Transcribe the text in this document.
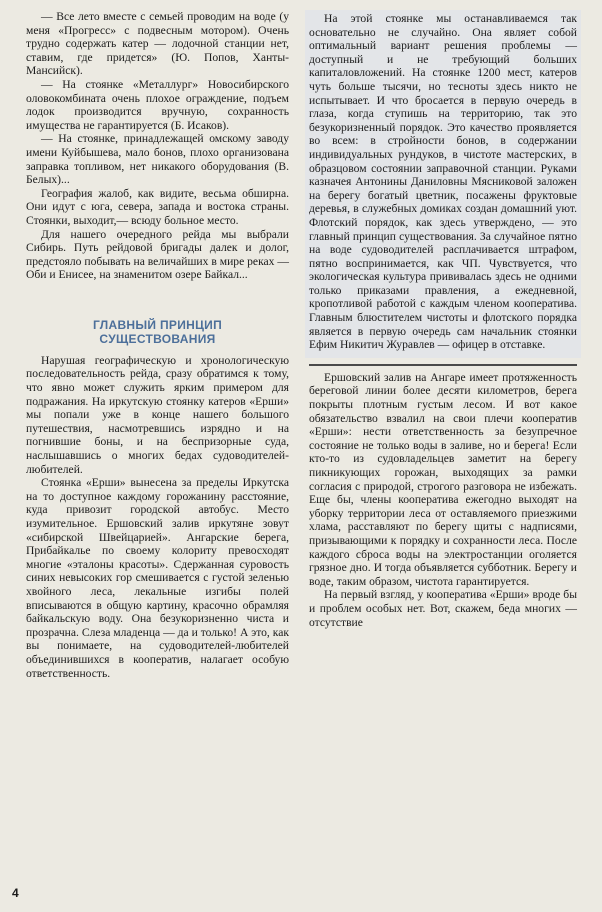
— Все лето вместе с семьей проводим на воде (у меня «Прогресс» с подвесным мотором). Очень трудно содержать катер — лодочной станции нет, ставим, где придется» (Ю. Попов, Ханты-Мансийск).

— На стоянке «Металлург» Новосибирского оловокомбината очень плохое ограждение, подъем лодок производится вручную, сохранность имущества не гарантируется (Б. Исаков).

— На стоянке, принадлежащей омскому заводу имени Куйбышева, мало бонов, плохо организована заправка топливом, нет никакого оборудования (В. Белых)...

География жалоб, как видите, весьма обширна. Они идут с юга, севера, запада и востока страны. Стоянки, выходит,— всюду больное место.

Для нашего очередного рейда мы выбрали Сибирь. Путь рейдовой бригады далек и долог, предстояло побывать на величайших в мире реках — Оби и Енисее, на знаменитом озере Байкал...

ГЛАВНЫЙ ПРИНЦИП
СУЩЕСТВОВАНИЯ

Нарушая географическую и хронологическую последовательность рейда, сразу обратимся к тому, что явно может служить ярким примером для подражания. На иркутскую стоянку катеров «Ерши» мы попали уже в конце нашего большого путешествия, насмотревшись изрядно и на погнившие боны, и на беспризорные суда, наслышавшись о многих бедах судоводителей-любителей.

Стоянка «Ерши» вынесена за пределы Иркутска на то доступное каждому горожанину расстояние, куда привозит городской автобус. Место изумительное. Ершовский залив иркутяне зовут «сибирской Швейцарией». Ангарские берега, Прибайкалье по своему колориту превосходят многие «эталоны красоты». Сдержанная суровость синих невысоких гор смешивается с густой зеленью хвойного леса, лекальные изгибы полей вписываются в общую картину, красочно обрамляя байкальскую воду. Она безукоризненно чиста и прозрачна. Слеза младенца — да и только! А это, как вы понимаете, на судоводителей-любителей объединившихся в кооператив, налагает особую ответственность.

На этой стоянке мы останавливаемся так основательно не случайно. Она являет собой оптимальный вариант решения проблемы — доступный и не требующий больших капиталовложений. На стоянке 1200 мест, катеров чуть больше тысячи, но тесноты здесь никто не испытывает. И что бросается в первую очередь в глаза, когда ступишь на территорию, так это безукоризненный порядок. Это качество проявляется во всем: в стройности бонов, в содержании индивидуальных рундуков, в чистоте мастерских, в образцовом состоянии заправочной станции. Руками казначея Антонины Даниловны Мясниковой заложен на берегу богатый цветник, посажены фруктовые деревья, в служебных домиках создан домашний уют. Флотский порядок, как здесь утверждено, — это главный принцип существования. За случайное пятно на воде судоводителей расплачивается штрафом, пятно воспринимается, как ЧП. Чувствуется, что экологическая культура прививалась здесь не одними только приказами правления, а ежедневной, кропотливой работой с каждым членом кооператива. Главным блюстителем чистоты и флотского порядка является в первую очередь сам начальник стоянки Ефим Никитич Журавлев — офицер в отставке.

Ершовский залив на Ангаре имеет протяженность береговой линии более десяти километров, берега покрыты плотным густым лесом. И вот какое обязательство взвалил на свои плечи кооператив «Ерши»: нести ответственность за безупречное состояние не только воды в заливе, но и берега! Если кто-то из судовладельцев заметит на берегу пикникующих горожан, выходящих за рамки согласия с природой, строгого разговора не избежать. Еще бы, члены кооператива ежегодно выходят на уборку территории леса от оставляемого приезжими хлама, расставляют по берегу щиты с надписями, призывающими к порядку и сохранности леса. После каждого сброса воды на электростанции оголяется грязное дно. И тогда объявляется субботник. Берегу и воде, таким образом, чистота гарантируется.

На первый взгляд, у кооператива «Ерши» вроде бы и проблем особых нет. Вот, скажем, беда многих — отсутствие

4
